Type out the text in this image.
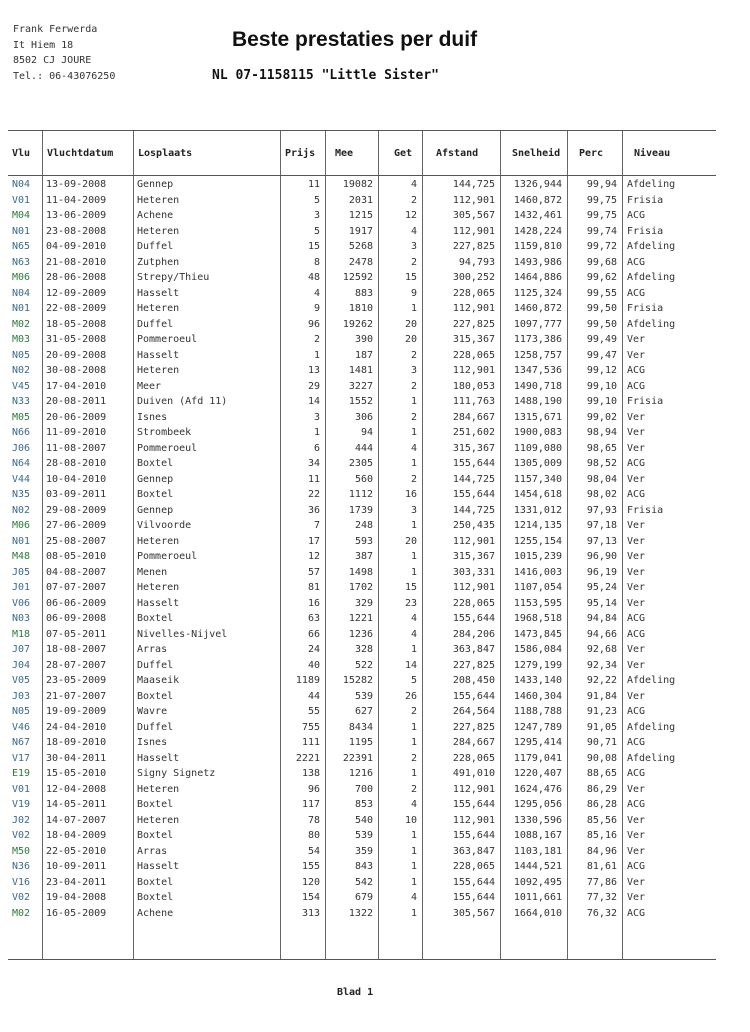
Frank Ferwerda
It Hiem 18
8502 CJ JOURE
Tel.: 06-43076250
Beste prestaties per duif
NL 07-1158115 "Little Sister"
Vlu	Vluchtdatum	Losplaats	Prijs	Mee	Get	Afstand	Snelheid	Perc	Niveau
N04	13-09-2008	Gennep	11	19082	4	144,725	1326,944	99,94	Afdeling
V01	11-04-2009	Heteren	5	2031	2	112,901	1460,872	99,75	Frisia
M04	13-06-2009	Achene	3	1215	12	305,567	1432,461	99,75	ACG
N01	23-08-2008	Heteren	5	1917	4	112,901	1428,224	99,74	Frisia
N65	04-09-2010	Duffel	15	5268	3	227,825	1159,810	99,72	Afdeling
N63	21-08-2010	Zutphen	8	2478	2	94,793	1493,986	99,68	ACG
M06	28-06-2008	Strepy/Thieu	48	12592	15	300,252	1464,886	99,62	Afdeling
N04	12-09-2009	Hasselt	4	883	9	228,065	1125,324	99,55	ACG
N01	22-08-2009	Heteren	9	1810	1	112,901	1460,872	99,50	Frisia
M02	18-05-2008	Duffel	96	19262	20	227,825	1097,777	99,50	Afdeling
M03	31-05-2008	Pommeroeul	2	390	20	315,367	1173,386	99,49	Ver
N05	20-09-2008	Hasselt	1	187	2	228,065	1258,757	99,47	Ver
N02	30-08-2008	Heteren	13	1481	3	112,901	1347,536	99,12	ACG
V45	17-04-2010	Meer	29	3227	2	180,053	1490,718	99,10	ACG
N33	20-08-2011	Duiven (Afd 11)	14	1552	1	111,763	1488,190	99,10	Frisia
M05	20-06-2009	Isnes	3	306	2	284,667	1315,671	99,02	Ver
N66	11-09-2010	Strombeek	1	94	1	251,602	1900,083	98,94	Ver
J06	11-08-2007	Pommeroeul	6	444	4	315,367	1109,080	98,65	Ver
N64	28-08-2010	Boxtel	34	2305	1	155,644	1305,009	98,52	ACG
V44	10-04-2010	Gennep	11	560	2	144,725	1157,340	98,04	Ver
N35	03-09-2011	Boxtel	22	1112	16	155,644	1454,618	98,02	ACG
N02	29-08-2009	Gennep	36	1739	3	144,725	1331,012	97,93	Frisia
M06	27-06-2009	Vilvoorde	7	248	1	250,435	1214,135	97,18	Ver
N01	25-08-2007	Heteren	17	593	20	112,901	1255,154	97,13	Ver
M48	08-05-2010	Pommeroeul	12	387	1	315,367	1015,239	96,90	Ver
J05	04-08-2007	Menen	57	1498	1	303,331	1416,003	96,19	Ver
J01	07-07-2007	Heteren	81	1702	15	112,901	1107,054	95,24	Ver
V06	06-06-2009	Hasselt	16	329	23	228,065	1153,595	95,14	Ver
N03	06-09-2008	Boxtel	63	1221	4	155,644	1968,518	94,84	ACG
M18	07-05-2011	Nivelles-Nijvel	66	1236	4	284,206	1473,845	94,66	ACG
J07	18-08-2007	Arras	24	328	1	363,847	1586,084	92,68	Ver
J04	28-07-2007	Duffel	40	522	14	227,825	1279,199	92,34	Ver
V05	23-05-2009	Maaseik	1189	15282	5	208,450	1433,140	92,22	Afdeling
J03	21-07-2007	Boxtel	44	539	26	155,644	1460,304	91,84	Ver
N05	19-09-2009	Wavre	55	627	2	264,564	1188,788	91,23	ACG
V46	24-04-2010	Duffel	755	8434	1	227,825	1247,789	91,05	Afdeling
N67	18-09-2010	Isnes	111	1195	1	284,667	1295,414	90,71	ACG
V17	30-04-2011	Hasselt	2221	22391	2	228,065	1179,041	90,08	Afdeling
E19	15-05-2010	Signy Signetz	138	1216	1	491,010	1220,407	88,65	ACG
V01	12-04-2008	Heteren	96	700	2	112,901	1624,476	86,29	Ver
V19	14-05-2011	Boxtel	117	853	4	155,644	1295,056	86,28	ACG
J02	14-07-2007	Heteren	78	540	10	112,901	1330,596	85,56	Ver
V02	18-04-2009	Boxtel	80	539	1	155,644	1088,167	85,16	Ver
M50	22-05-2010	Arras	54	359	1	363,847	1103,181	84,96	Ver
N36	10-09-2011	Hasselt	155	843	1	228,065	1444,521	81,61	ACG
V16	23-04-2011	Boxtel	120	542	1	155,644	1092,495	77,86	Ver
V02	19-04-2008	Boxtel	154	679	4	155,644	1011,661	77,32	Ver
M02	16-05-2009	Achene	313	1322	1	305,567	1664,010	76,32	ACG
Blad 1
